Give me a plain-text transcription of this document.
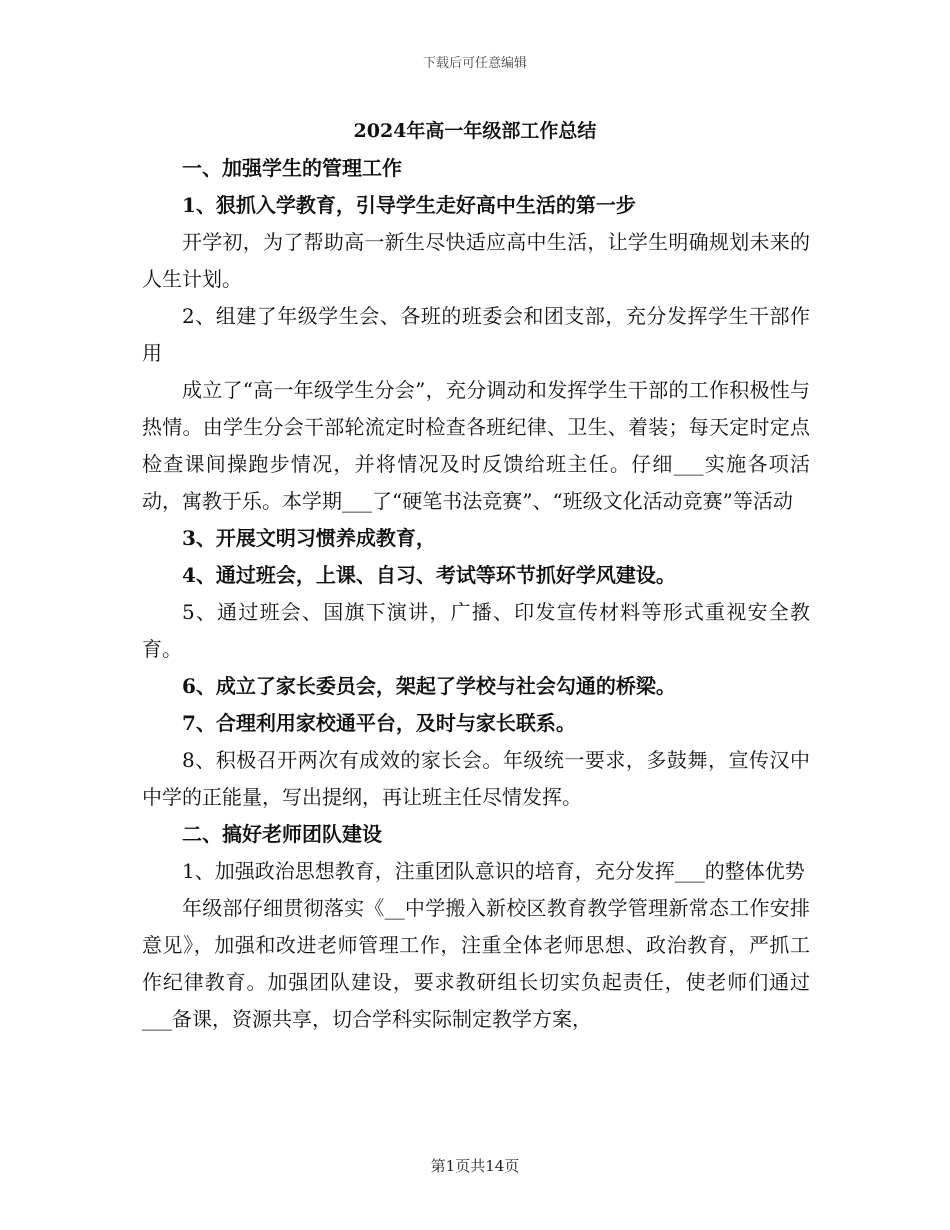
下载后可任意编辑
2024年高一年级部工作总结

一、加强学生的管理工作

1、狠抓入学教育，引导学生走好高中生活的第一步

开学初，为了帮助高一新生尽快适应高中生活，让学生明确规划未来的人生计划。

2、组建了年级学生会、各班的班委会和团支部，充分发挥学生干部作用

成立了“高一年级学生分会”，充分调动和发挥学生干部的工作积极性与热情。由学生分会干部轮流定时检查各班纪律、卫生、着装；每天定时定点检查课间操跑步情况，并将情况及时反馈给班主任。仔细___实施各项活动，寓教于乐。本学期___了“硬笔书法竞赛”、“班级文化活动竞赛”等活动

3、开展文明习惯养成教育，

4、通过班会，上课、自习、考试等环节抓好学风建设。

5、通过班会、国旗下演讲，广播、印发宣传材料等形式重视安全教育。

6、成立了家长委员会，架起了学校与社会勾通的桥梁。

7、合理利用家校通平台，及时与家长联系。

8、积极召开两次有成效的家长会。年级统一要求，多鼓舞，宣传汉中中学的正能量，写出提纲，再让班主任尽情发挥。

二、搞好老师团队建设

1、加强政治思想教育，注重团队意识的培育，充分发挥___的整体优势

年级部仔细贯彻落实《__中学搬入新校区教育教学管理新常态工作安排意见》，加强和改进老师管理工作，注重全体老师思想、政治教育，严抓工作纪律教育。加强团队建设，要求教研组长切实负起责任，使老师们通过___备课，资源共享，切合学科实际制定教学方案，

第1页共14页
